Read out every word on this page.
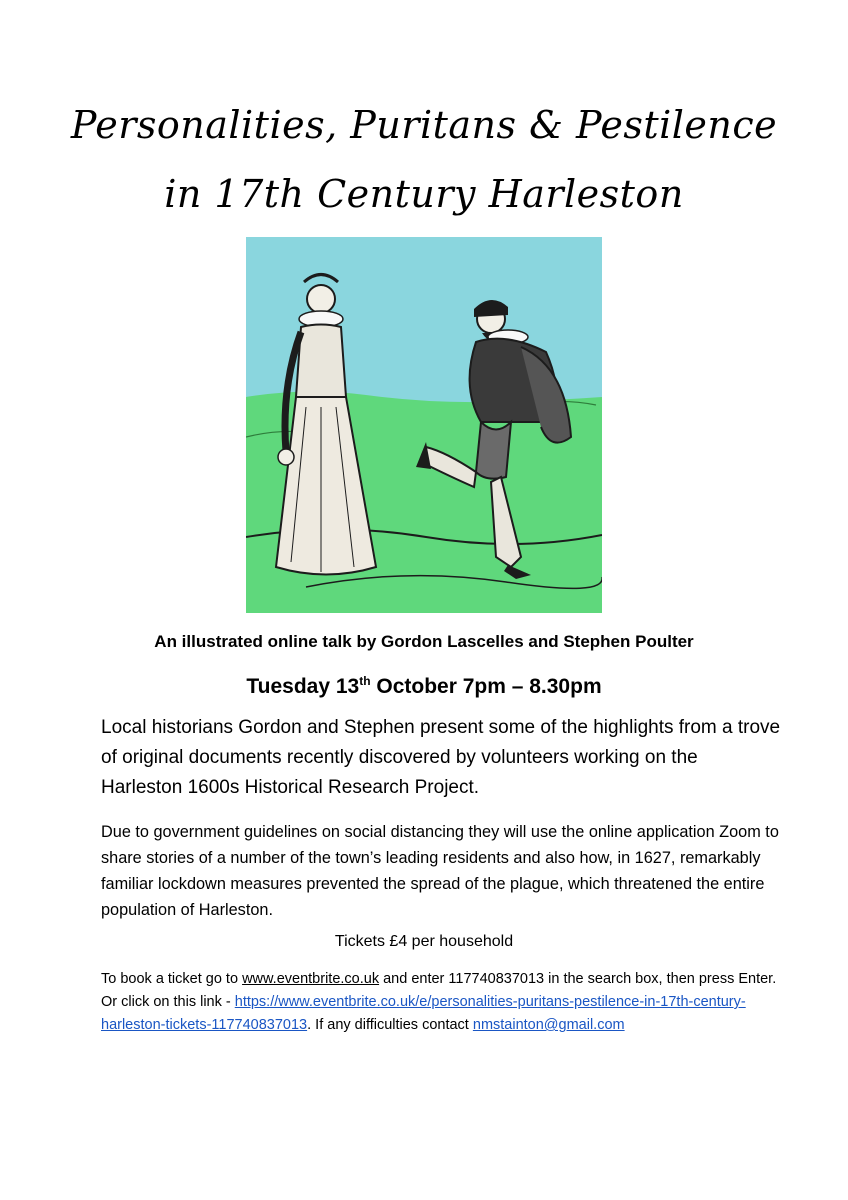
Personalities, Puritans & Pestilence
in 17th Century Harleston
An illustrated online talk by Gordon Lascelles and Stephen Poulter
Tuesday 13th October 7pm – 8.30pm
Local historians Gordon and Stephen present some of the highlights from a trove of original documents recently discovered by volunteers working on the Harleston 1600s Historical Research Project.
Due to government guidelines on social distancing they will use the online application Zoom to share stories of a number of the town’s leading residents and also how, in 1627, remarkably familiar lockdown measures prevented the spread of the plague, which threatened the entire population of Harleston.
Tickets £4 per household
To book a ticket go to www.eventbrite.co.uk and enter 117740837013 in the search box, then press Enter. Or click on this link - https://www.eventbrite.co.uk/e/personalities-puritans-pestilence-in-17th-century-harleston-tickets-117740837013. If any difficulties contact nmstainton@gmail.com
